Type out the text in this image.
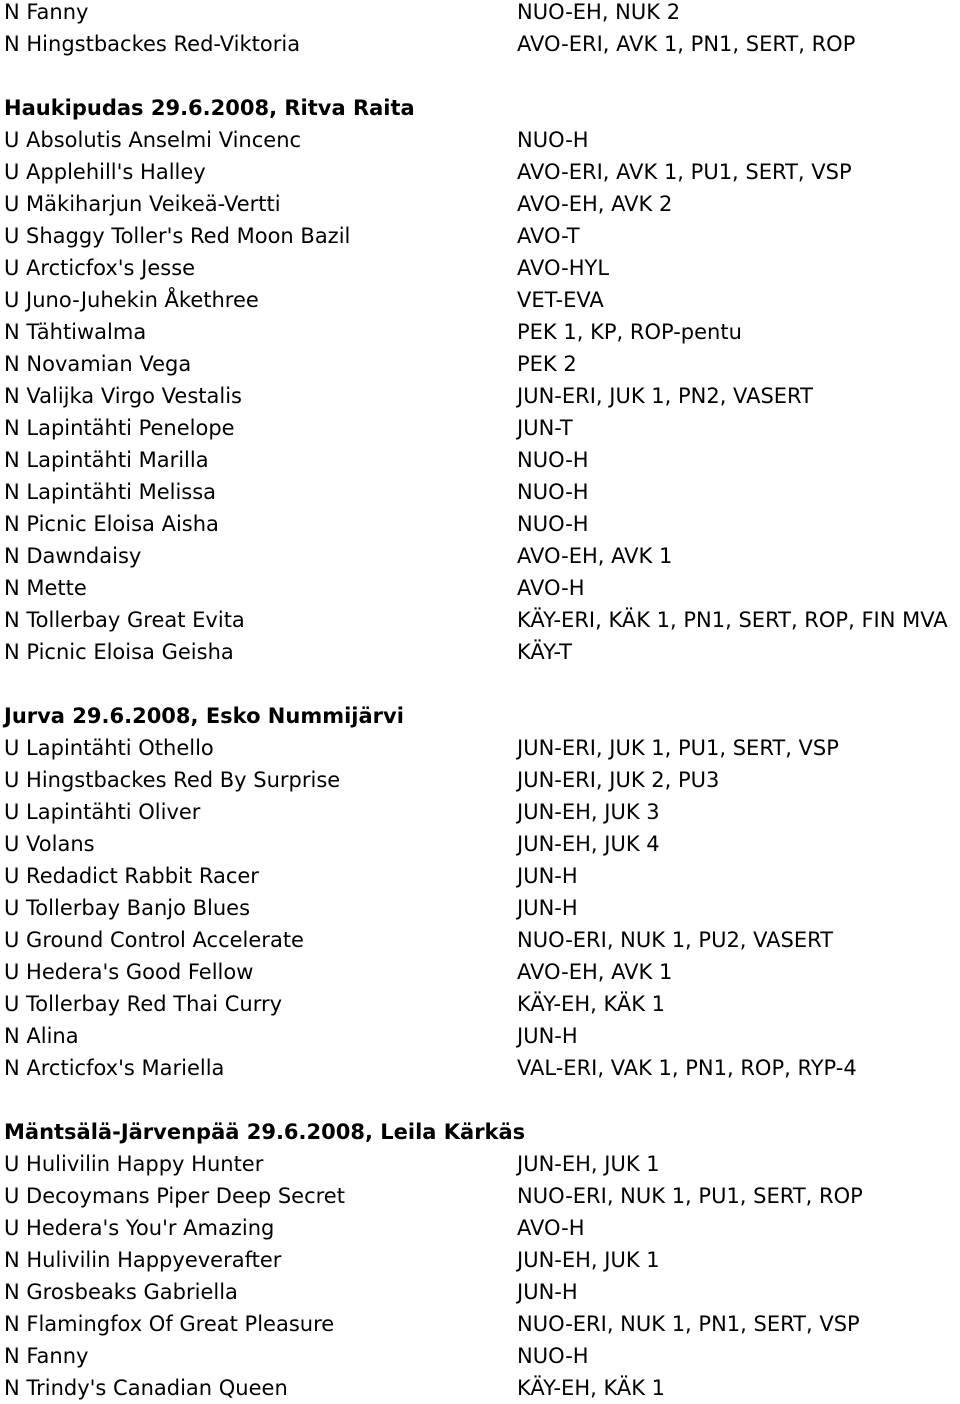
N Fanny	NUO-EH, NUK 2
N Hingstbackes Red-Viktoria	AVO-ERI, AVK 1, PN1, SERT, ROP
Haukipudas 29.6.2008, Ritva Raita
U Absolutis Anselmi Vincenc	NUO-H
U Applehill's Halley	AVO-ERI, AVK 1, PU1, SERT, VSP
U Mäkiharjun Veikeä-Vertti	AVO-EH, AVK 2
U Shaggy Toller's Red Moon Bazil	AVO-T
U Arcticfox's Jesse	AVO-HYL
U Juno-Juhekin Åkethree	VET-EVA
N Tähtiwalma	PEK 1, KP, ROP-pentu
N Novamian Vega	PEK 2
N Valijka Virgo Vestalis	JUN-ERI, JUK 1, PN2, VASERT
N Lapintähti Penelope	JUN-T
N Lapintähti Marilla	NUO-H
N Lapintähti Melissa	NUO-H
N Picnic Eloisa Aisha	NUO-H
N Dawndaisy	AVO-EH, AVK 1
N Mette	AVO-H
N Tollerbay Great Evita	KÄY-ERI, KÄK 1, PN1, SERT, ROP, FIN MVA
N Picnic Eloisa Geisha	KÄY-T
Jurva 29.6.2008, Esko Nummijärvi
U Lapintähti Othello	JUN-ERI, JUK 1, PU1, SERT, VSP
U Hingstbackes Red By Surprise	JUN-ERI, JUK 2, PU3
U Lapintähti Oliver	JUN-EH, JUK 3
U Volans	JUN-EH, JUK 4
U Redadict Rabbit Racer	JUN-H
U Tollerbay Banjo Blues	JUN-H
U Ground Control Accelerate	NUO-ERI, NUK 1, PU2, VASERT
U Hedera's Good Fellow	AVO-EH, AVK 1
U Tollerbay Red Thai Curry	KÄY-EH, KÄK 1
N Alina	JUN-H
N Arcticfox's Mariella	VAL-ERI, VAK 1, PN1, ROP, RYP-4
Mäntsälä-Järvenpää 29.6.2008, Leila Kärkäs
U Hulivilin Happy Hunter	JUN-EH, JUK 1
U Decoymans Piper Deep Secret	NUO-ERI, NUK 1, PU1, SERT, ROP
U Hedera's You'r Amazing	AVO-H
N Hulivilin Happyeverafter	JUN-EH, JUK 1
N Grosbeaks Gabriella	JUN-H
N Flamingfox Of Great Pleasure	NUO-ERI, NUK 1, PN1, SERT, VSP
N Fanny	NUO-H
N Trindy's Canadian Queen	KÄY-EH, KÄK 1
